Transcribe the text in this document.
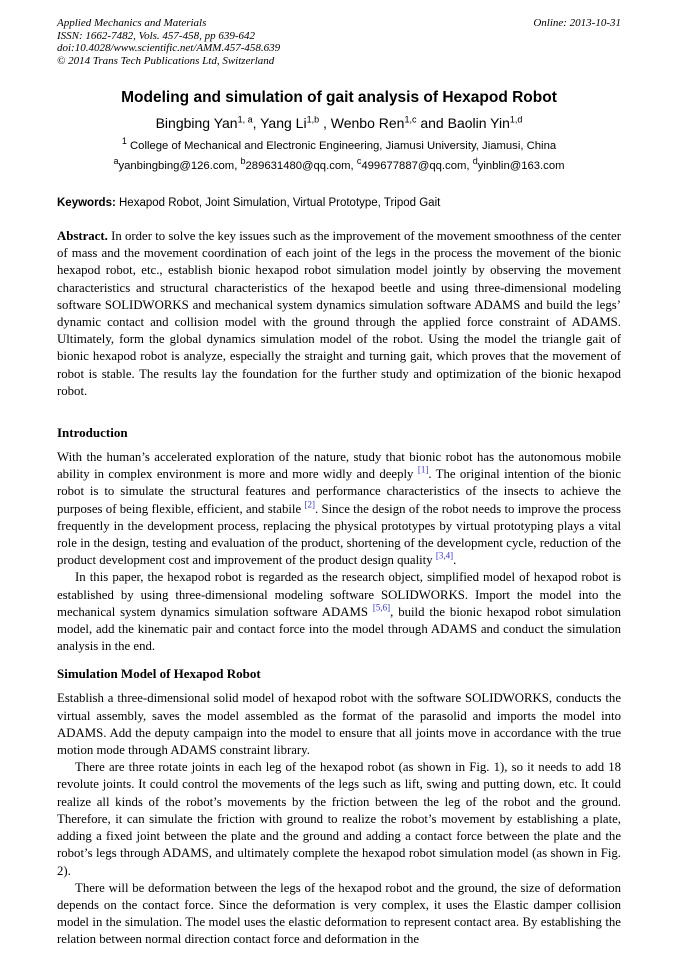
Applied Mechanics and Materials
ISSN: 1662-7482, Vols. 457-458, pp 639-642
doi:10.4028/www.scientific.net/AMM.457-458.639
© 2014 Trans Tech Publications Ltd, Switzerland
Online: 2013-10-31
Modeling and simulation of gait analysis of Hexapod Robot
Bingbing Yan$^{1, a}$, Yang Li$^{1,b}$ , Wenbo Ren$^{1,c}$ and Baolin Yin$^{1,d}$
$^1$ College of Mechanical and Electronic Engineering, Jiamusi University, Jiamusi, China
$^a$yanbingbing@126.com, $^b$289631480@qq.com, $^c$499677887@qq.com, $^d$yinblin@163.com
Keywords: Hexapod Robot, Joint Simulation, Virtual Prototype, Tripod Gait

Abstract. In order to solve the key issues such as the improvement of the movement smoothness of the center of mass and the movement coordination of each joint of the legs in the process the movement of the bionic hexapod robot, etc., establish bionic hexapod robot simulation model jointly by observing the movement characteristics and structural characteristics of the hexapod beetle and using three-dimensional modeling software SOLIDWORKS and mechanical system dynamics simulation software ADAMS and build the legs’ dynamic contact and collision model with the ground through the applied force constraint of ADAMS. Ultimately, form the global dynamics simulation model of the robot. Using the model the triangle gait of bionic hexapod robot is analyze, especially the straight and turning gait, which proves that the movement of robot is stable. The results lay the foundation for the further study and optimization of the bionic hexapod robot.

Introduction

With the human’s accelerated exploration of the nature, study that bionic robot has the autonomous mobile ability in complex environment is more and more widly and deeply [1]. The original intention of the bionic robot is to simulate the structural features and performance characteristics of the insects to achieve the purposes of being flexible, efficient, and stabile [2]. Since the design of the robot needs to improve the process frequently in the development process, replacing the physical prototypes by virtual prototyping plays a vital role in the design, testing and evaluation of the product, shortening of the development cycle, reduction of the product development cost and improvement of the product design quality [3,4].

In this paper, the hexapod robot is regarded as the research object, simplified model of hexapod robot is established by using three-dimensional modeling software SOLIDWORKS. Import the model into the mechanical system dynamics simulation software ADAMS [5,6], build the bionic hexapod robot simulation model, add the kinematic pair and contact force into the model through ADAMS and conduct the simulation analysis in the end.

Simulation Model of Hexapod Robot

Establish a three-dimensional solid model of hexapod robot with the software SOLIDWORKS, conducts the virtual assembly, saves the model assembled as the format of the parasolid and imports the model into ADAMS. Add the deputy campaign into the model to ensure that all joints move in accordance with the true motion mode through ADAMS constraint library.

There are three rotate joints in each leg of the hexapod robot (as shown in Fig. 1), so it needs to add 18 revolute joints. It could control the movements of the legs such as lift, swing and putting down, etc. It could realize all kinds of the robot’s movements by the friction between the leg of the robot and the ground. Therefore, it can simulate the friction with ground to realize the robot’s movement by establishing a plate, adding a fixed joint between the plate and the ground and adding a contact force between the plate and the robot’s legs through ADAMS, and ultimately complete the hexapod robot simulation model (as shown in Fig. 2).

There will be deformation between the legs of the hexapod robot and the ground, the size of deformation depends on the contact force. Since the deformation is very complex, it uses the Elastic damper collision model in the simulation. The model uses the elastic deformation to represent contact area. By establishing the relation between normal direction contact force and deformation in the
